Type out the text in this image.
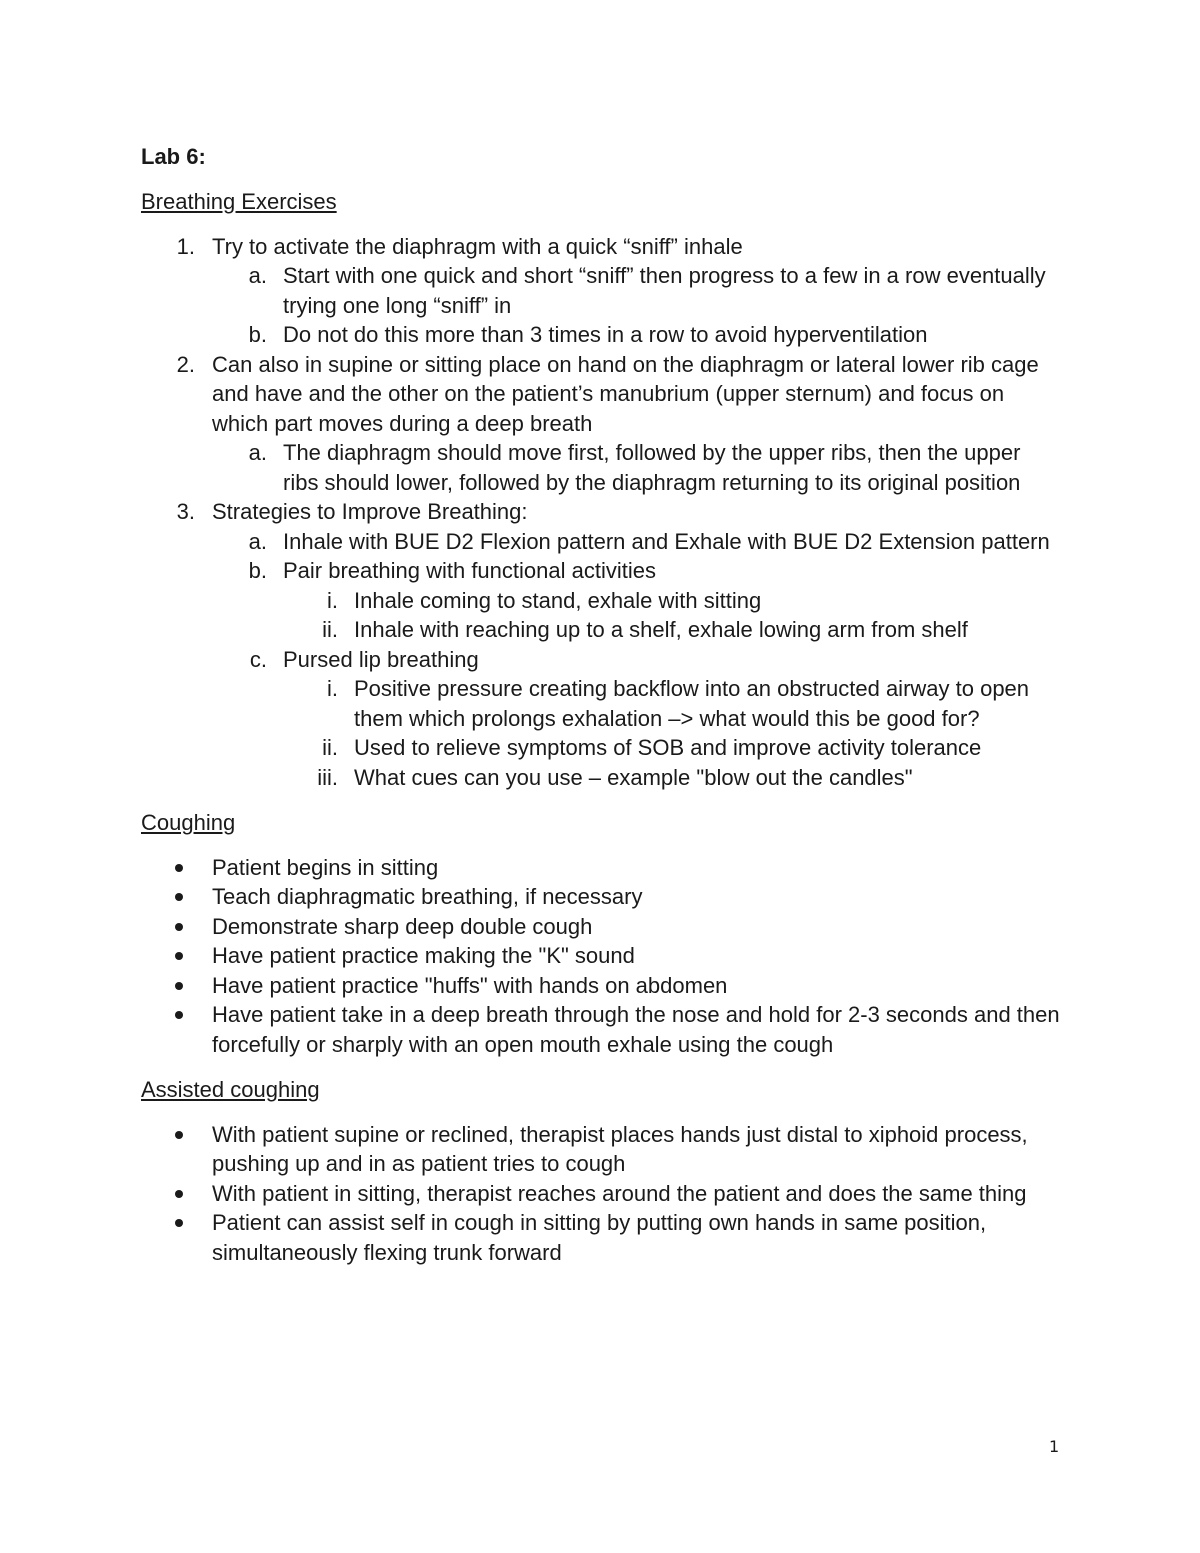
Lab 6:
Breathing Exercises
1. Try to activate the diaphragm with a quick “sniff” inhale
a. Start with one quick and short “sniff” then progress to a few in a row eventually trying one long “sniff” in
b. Do not do this more than 3 times in a row to avoid hyperventilation
2. Can also in supine or sitting place on hand on the diaphragm or lateral lower rib cage and have and the other on the patient’s manubrium (upper sternum) and focus on which part moves during a deep breath
a. The diaphragm should move first, followed by the upper ribs, then the upper ribs should lower, followed by the diaphragm returning to its original position
3. Strategies to Improve Breathing:
a. Inhale with BUE D2 Flexion pattern and Exhale with BUE D2 Extension pattern
b. Pair breathing with functional activities
i. Inhale coming to stand, exhale with sitting
ii. Inhale with reaching up to a shelf, exhale lowing arm from shelf
c. Pursed lip breathing
i. Positive pressure creating backflow into an obstructed airway to open them which prolongs exhalation –> what would this be good for?
ii. Used to relieve symptoms of SOB and improve activity tolerance
iii. What cues can you use – example "blow out the candles"
Coughing
Patient begins in sitting
Teach diaphragmatic breathing, if necessary
Demonstrate sharp deep double cough
Have patient practice making the "K" sound
Have patient practice "huffs" with hands on abdomen
Have patient take in a deep breath through the nose and hold for 2-3 seconds and then forcefully or sharply with an open mouth exhale using the cough
Assisted coughing
With patient supine or reclined, therapist places hands just distal to xiphoid process, pushing up and in as patient tries to cough
With patient in sitting, therapist reaches around the patient and does the same thing
Patient can assist self in cough in sitting by putting own hands in same position, simultaneously flexing trunk forward
1
